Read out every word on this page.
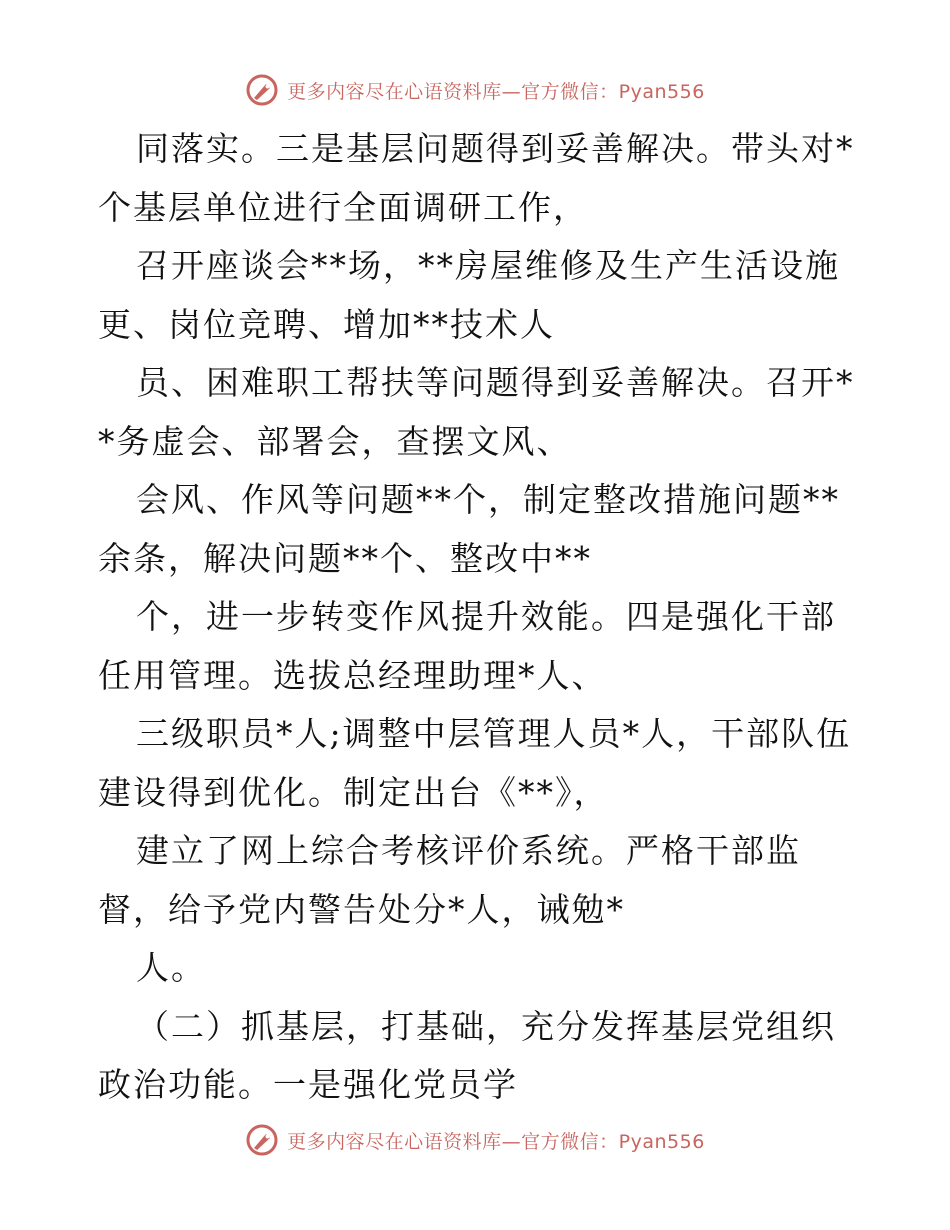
更多内容尽在心语资料库—官方微信：Pyan556

同落实。三是基层问题得到妥善解决。带头对*个基层单位进行全面调研工作，

召开座谈会**场，**房屋维修及生产生活设施更、岗位竞聘、增加**技术人

员、困难职工帮扶等问题得到妥善解决。召开**务虚会、部署会，查摆文风、

会风、作风等问题**个，制定整改措施问题**余条，解决问题**个、整改中**

个，进一步转变作风提升效能。四是强化干部任用管理。选拔总经理助理*人、

三级职员*人;调整中层管理人员*人，干部队伍建设得到优化。制定出台《**》，

建立了网上综合考核评价系统。严格干部监督，给予党内警告处分*人，诫勉*

人。

（二）抓基层，打基础，充分发挥基层党组织政治功能。一是强化党员学

更多内容尽在心语资料库—官方微信：Pyan556
